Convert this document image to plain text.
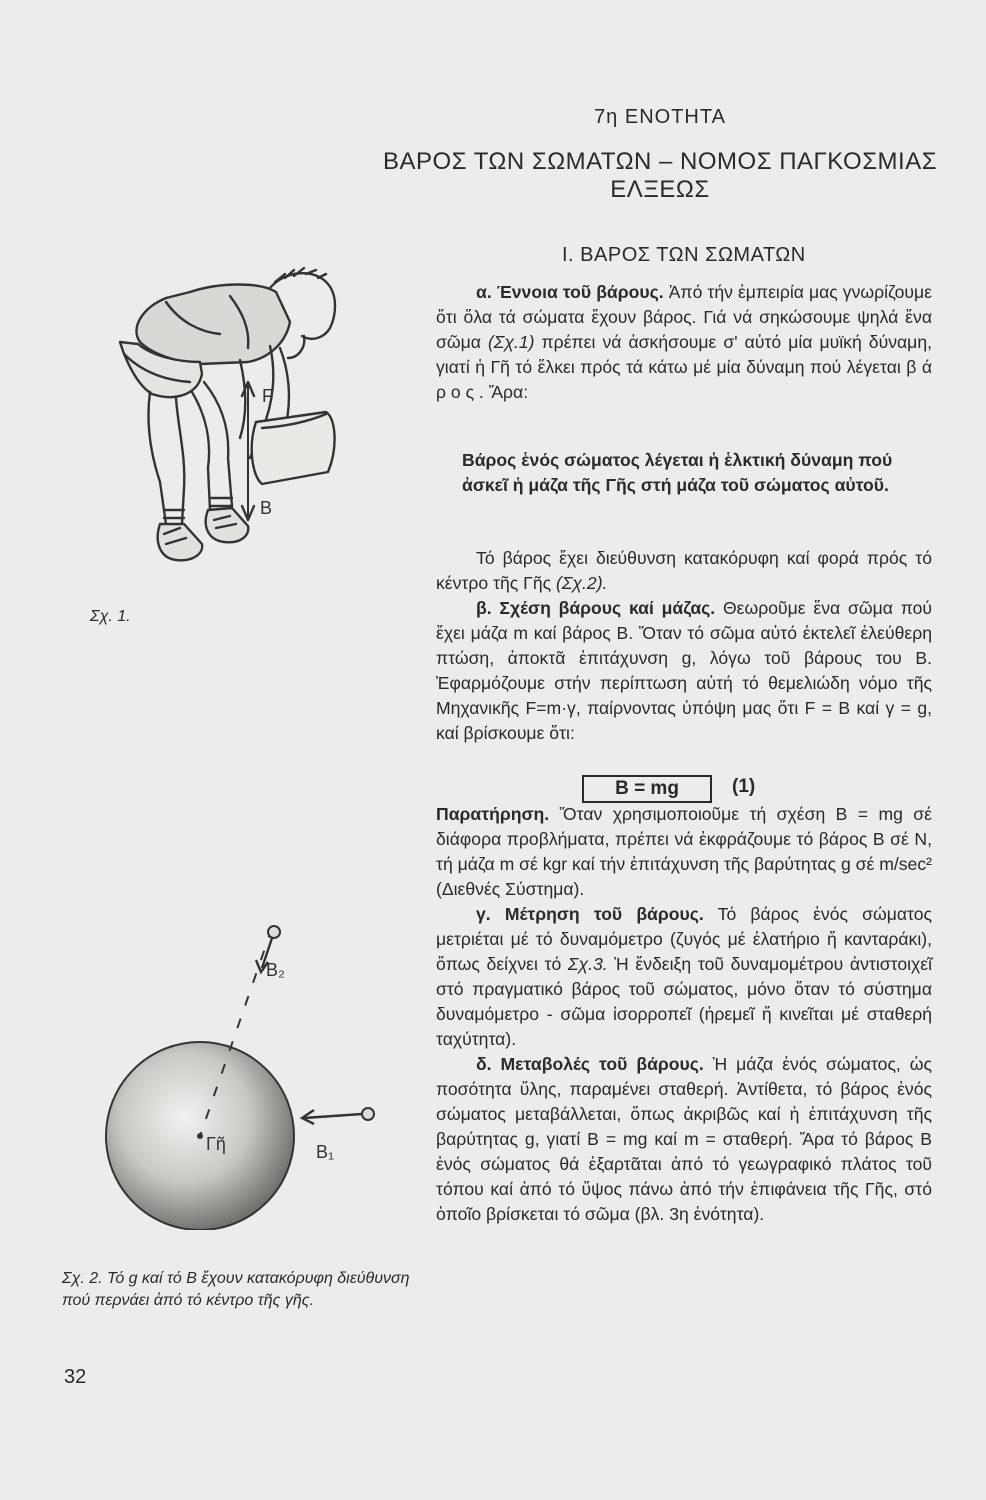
7η ΕΝΟΤΗΤΑ
ΒΑΡΟΣ ΤΩΝ ΣΩΜΑΤΩΝ – ΝΟΜΟΣ ΠΑΓΚΟΣΜΙΑΣ ΕΛΞΕΩΣ
Ι. ΒΑΡΟΣ ΤΩΝ ΣΩΜΑΤΩΝ

α. Έννοια τοῦ βάρους. Ἀπό τήν ἐμπειρία μας γνωρίζουμε ὅτι ὅλα τά σώματα ἔχουν βάρος. Γιά νά σηκώσουμε ψηλά ἕνα σῶμα (Σχ.1) πρέπει νά ἀσκήσουμε σ' αὐτό μία μυϊκή δύναμη, γιατί ἡ Γῆ τό ἕλκει πρός τά κάτω μέ μία δύναμη πού λέγεται β ά ρ ο ς . Ἄρα:

Βάρος ἑνός σώματος λέγεται ἡ ἑλκτική δύναμη πού ἀσκεῖ ἡ μάζα τῆς Γῆς στή μάζα τοῦ σώματος αὐτοῦ.

Τό βάρος ἔχει διεύθυνση κατακόρυφη καί φορά πρός τό κέντρο τῆς Γῆς (Σχ.2).

β. Σχέση βάρους καί μάζας. Θεωροῦμε ἕνα σῶμα πού ἔχει μάζα m καί βάρος Β. Ὅταν τό σῶμα αὐτό ἐκτελεῖ ἐλεύθερη πτώση, ἀποκτᾶ ἐπιτάχυνση g, λόγω τοῦ βάρους του Β. Ἐφαρμόζουμε στήν περίπτωση αὐτή τό θεμελιώδη νόμο τῆς Μηχανικῆς F=m·γ, παίρνοντας ὑπόψη μας ὅτι F = B καί γ = g, καί βρίσκουμε ὅτι:

B = mg	(1)

Παρατήρηση. Ὅταν χρησιμοποιοῦμε τή σχέση Β = mg σέ διάφορα προβλήματα, πρέπει νά ἐκφράζουμε τό βάρος Β σέ Ν, τή μάζα m σέ kgr καί τήν ἐπιτάχυνση τῆς βαρύτητας g σέ m/sec² (Διεθνές Σύστημα).

γ. Μέτρηση τοῦ βάρους. Τό βάρος ἑνός σώματος μετριέται μέ τό δυναμόμετρο (ζυγός μέ ἐλατήριο ἤ κανταράκι), ὅπως δείχνει τό Σχ.3. Ἡ ἔνδειξη τοῦ δυναμομέτρου ἀντιστοιχεῖ στό πραγματικό βάρος τοῦ σώματος, μόνο ὅταν τό σύστημα δυναμόμετρο - σῶμα ἰσορροπεῖ (ἠρεμεῖ ἤ κινεῖται μέ σταθερή ταχύτητα).

δ. Μεταβολές τοῦ βάρους. Ἡ μάζα ἑνός σώματος, ὡς ποσότητα ὕλης, παραμένει σταθερή. Ἀντίθετα, τό βάρος ἑνός σώματος μεταβάλλεται, ὅπως ἀκριβῶς καί ἡ ἐπιτάχυνση τῆς βαρύτητας g, γιατί Β = mg καί m = σταθερή. Ἄρα τό βάρος Β ἑνός σώματος θά ἐξαρτᾶται ἀπό τό γεωγραφικό πλάτος τοῦ τόπου καί ἀπό τό ὕψος πάνω ἀπό τήν ἐπιφάνεια τῆς Γῆς, στό ὁποῖο βρίσκεται τό σῶμα (βλ. 3η ἑνότητα).

F
B
Σχ. 1.
B₂
B₁
Γῆ
Σχ. 2. Τό g καί τό B ἔχουν κατακόρυφη διεύθυνση πού περνάει ἀπό τό κέντρο τῆς γῆς.
32
